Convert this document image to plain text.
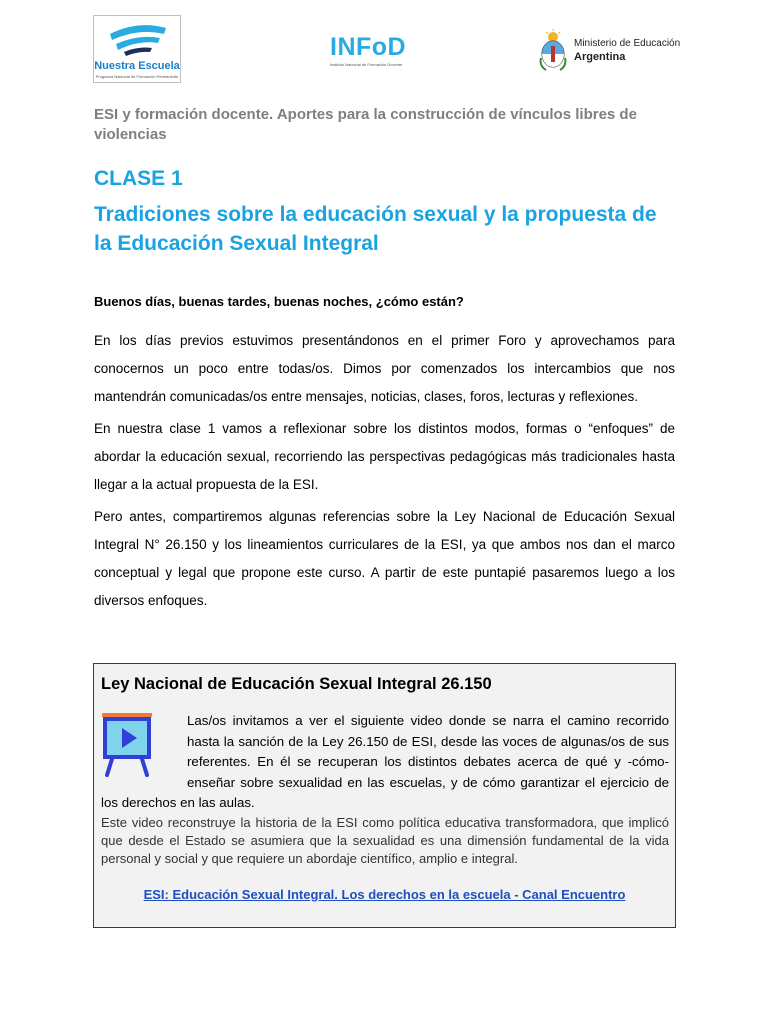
Nuestra Escuela
Programa Nacional de Formación Permanente
INFoD
Instituto Nacional de Formación Docente
Ministerio de Educación
Argentina
ESI y formación docente. Aportes para la construcción de vínculos libres de violencias
CLASE 1
Tradiciones sobre la educación sexual y la propuesta de la Educación Sexual Integral
Buenos días, buenas tardes, buenas noches, ¿cómo están?

En los días previos estuvimos presentándonos en el primer Foro y aprovechamos para conocernos un poco entre todas/os. Dimos por comenzados los intercambios que nos mantendrán comunicadas/os entre mensajes, noticias, clases, foros, lecturas y reflexiones.

En nuestra clase 1 vamos a reflexionar sobre los distintos modos, formas o “enfoques” de abordar la educación sexual, recorriendo las perspectivas pedagógicas más tradicionales hasta llegar a la actual propuesta de la ESI.

Pero antes, compartiremos algunas referencias sobre la Ley Nacional de Educación Sexual Integral N° 26.150 y los lineamientos curriculares de la ESI, ya que ambos nos dan el marco conceptual y legal que propone este curso. A partir de este puntapié pasaremos luego a los diversos enfoques.

Ley Nacional de Educación Sexual Integral 26.150
Las/os invitamos a ver el siguiente video donde se narra el camino recorrido hasta la sanción de la Ley 26.150 de ESI, desde las voces de algunas/os de sus referentes. En él se recuperan los distintos debates acerca de qué y -cómo- enseñar sobre sexualidad en las escuelas, y de cómo garantizar el ejercicio de los derechos en las aulas.
Este video reconstruye la historia de la ESI como política educativa transformadora, que implicó que desde el Estado se asumiera que la sexualidad es una dimensión fundamental de la vida personal y social y que requiere un abordaje científico, amplio e integral.
ESI: Educación Sexual Integral. Los derechos en la escuela - Canal Encuentro
